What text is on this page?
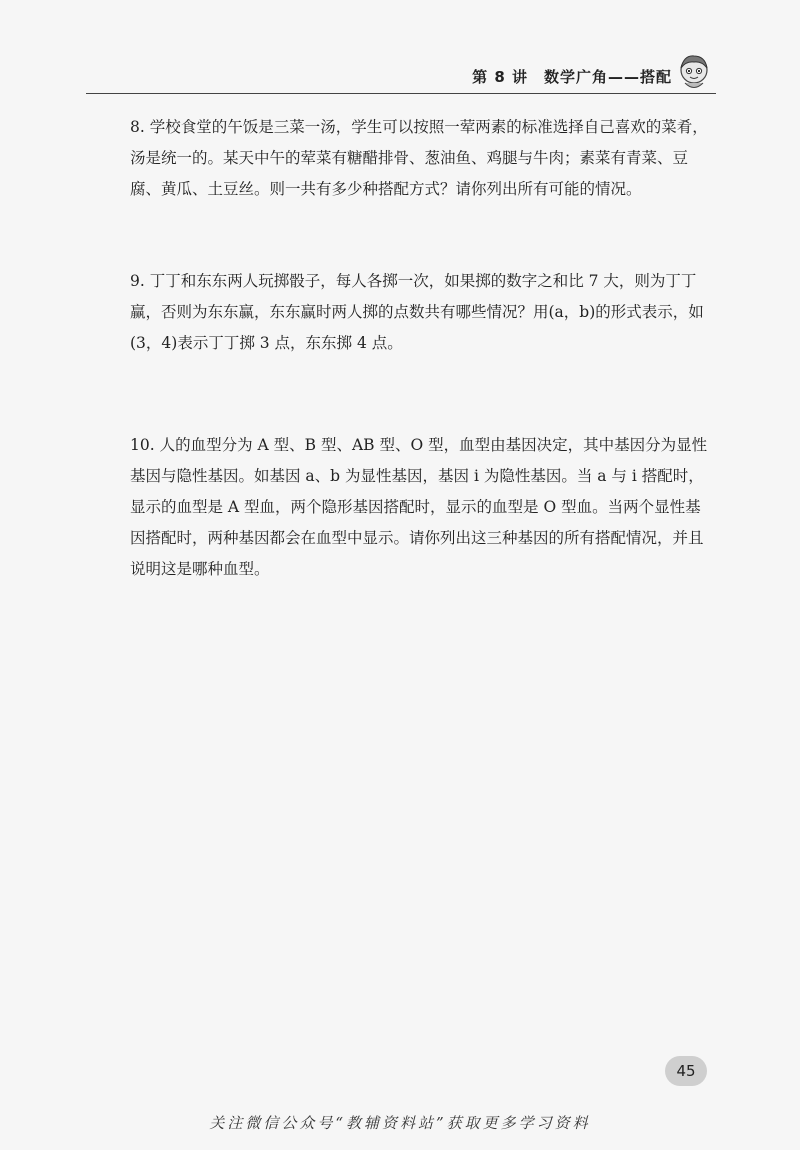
第 8 讲　数学广角——搭配

8. 学校食堂的午饭是三菜一汤，学生可以按照一荤两素的标准选择自己喜欢的菜肴，汤是统一的。某天中午的荤菜有糖醋排骨、葱油鱼、鸡腿与牛肉；素菜有青菜、豆腐、黄瓜、土豆丝。则一共有多少种搭配方式？请你列出所有可能的情况。

9. 丁丁和东东两人玩掷骰子，每人各掷一次，如果掷的数字之和比 7 大，则为丁丁赢，否则为东东赢，东东赢时两人掷的点数共有哪些情况？用(a，b)的形式表示，如(3，4)表示丁丁掷 3 点，东东掷 4 点。

10. 人的血型分为 A 型、B 型、AB 型、O 型，血型由基因决定，其中基因分为显性基因与隐性基因。如基因 a、b 为显性基因，基因 i 为隐性基因。当 a 与 i 搭配时，显示的血型是 A 型血，两个隐形基因搭配时，显示的血型是 O 型血。当两个显性基因搭配时，两种基因都会在血型中显示。请你列出这三种基因的所有搭配情况，并且说明这是哪种血型。

45
关注微信公众号“教辅资料站”获取更多学习资料
